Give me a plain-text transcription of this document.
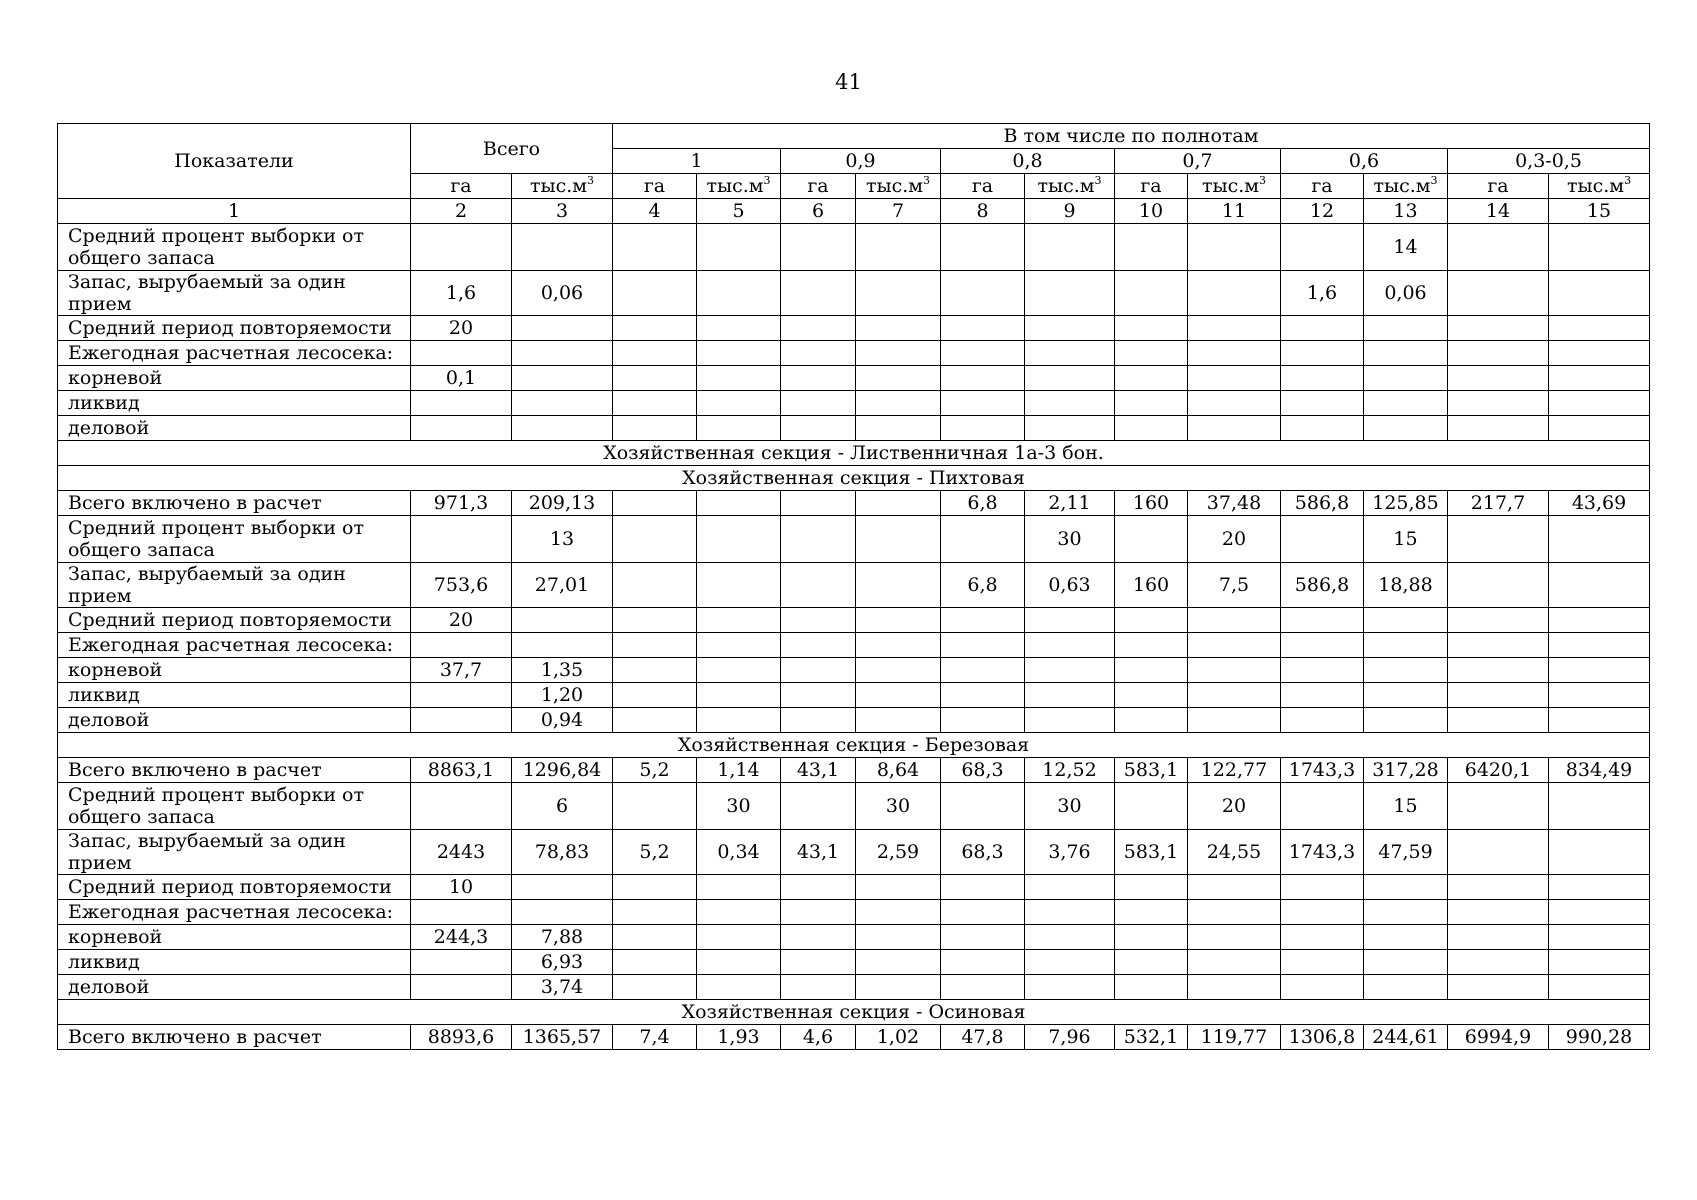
41
Показатели	Всего		В том числе по полнотам											
			1		0,9		0,8		0,7		0,6		0,3-0,5	
	га	$тыс.м^3$	га	$тыс.м^3$	га	$тыс.м^3$	га	$тыс.м^3$	га	$тыс.м^3$	га	$тыс.м^3$	га	$тыс.м^3$
1	2	3	4	5	6	7	8	9	10	11	12	13	14	15
Средний процент выборки от общего запаса												14		
Запас, вырубаемый за один прием	1,6	0,06									1,6	0,06		
Средний период повторяемости	20													
Ежегодная расчетная лесосека:														
корневой	0,1													
ликвид														
деловой														
Хозяйственная секция - Лиственничная 1а-3 бон.														
Хозяйственная секция - Пихтовая														
Всего включено в расчет	971,3	209,13					6,8	2,11	160	37,48	586,8	125,85	217,7	43,69
Средний процент выборки от общего запаса		13						30		20		15		
Запас, вырубаемый за один прием	753,6	27,01					6,8	0,63	160	7,5	586,8	18,88		
Средний период повторяемости	20													
Ежегодная расчетная лесосека:														
корневой	37,7	1,35												
ликвид		1,20												
деловой		0,94												
Хозяйственная секция - Березовая														
Всего включено в расчет	8863,1	1296,84	5,2	1,14	43,1	8,64	68,3	12,52	583,1	122,77	1743,3	317,28	6420,1	834,49
Средний процент выборки от общего запаса		6		30		30		30		20		15		
Запас, вырубаемый за один прием	2443	78,83	5,2	0,34	43,1	2,59	68,3	3,76	583,1	24,55	1743,3	47,59		
Средний период повторяемости	10													
Ежегодная расчетная лесосека:														
корневой	244,3	7,88												
ликвид		6,93												
деловой		3,74												
Хозяйственная секция - Осиновая														
Всего включено в расчет	8893,6	1365,57	7,4	1,93	4,6	1,02	47,8	7,96	532,1	119,77	1306,8	244,61	6994,9	990,28
